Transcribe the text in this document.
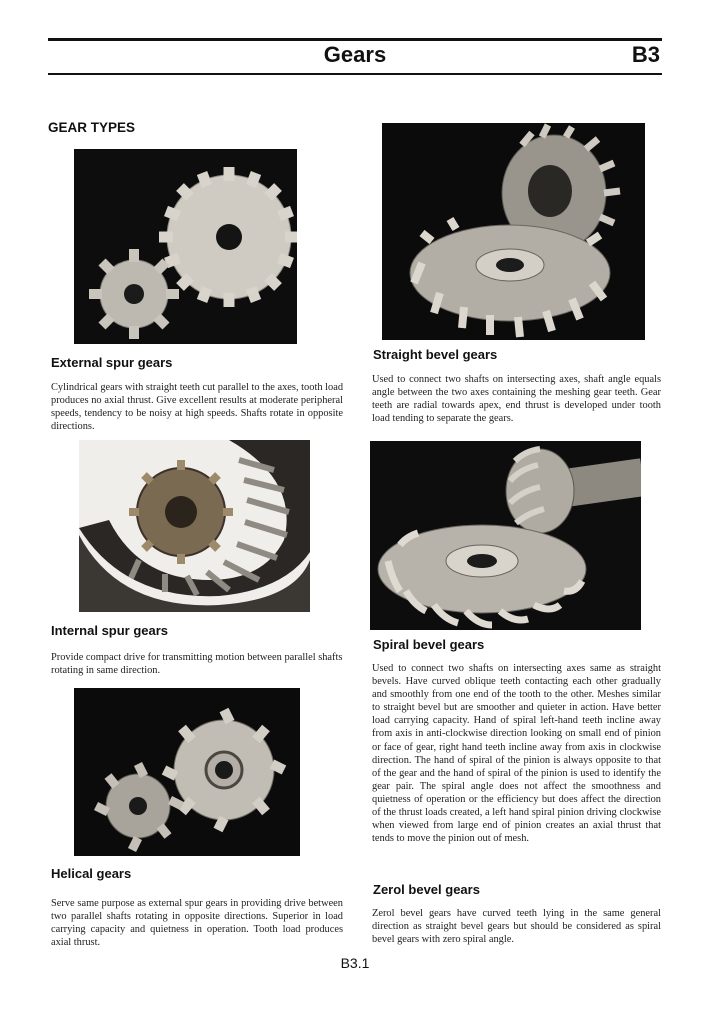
Gears	B3
GEAR TYPES
External spur gears
Cylindrical gears with straight teeth cut parallel to the axes, tooth load produces no axial thrust. Give excellent results at moderate peripheral speeds, tendency to be noisy at high speeds. Shafts rotate in opposite directions.
Internal spur gears
Provide compact drive for transmitting motion between parallel shafts rotating in same direction.
Helical gears
Serve same purpose as external spur gears in providing drive between two parallel shafts rotating in opposite directions. Superior in load carrying capacity and quietness in operation. Tooth load produces axial thrust.
Straight bevel gears
Used to connect two shafts on intersecting axes, shaft angle equals angle between the two axes containing the meshing gear teeth. Gear teeth are radial towards apex, end thrust is developed under tooth load tending to separate the gears.
Spiral bevel gears
Used to connect two shafts on intersecting axes same as straight bevels. Have curved oblique teeth contacting each other gradually and smoothly from one end of the tooth to the other. Meshes similar to straight bevel but are smoother and quieter in action. Have better load carrying capacity. Hand of spiral left-hand teeth incline away from axis in anti-clockwise direction looking on small end of pinion or face of gear, right hand teeth incline away from axis in clockwise direction. The hand of spiral of the pinion is always opposite to that of the gear and the hand of spiral of the pinion is used to identify the gear pair. The spiral angle does not affect the smoothness and quietness of operation or the efficiency but does affect the direction of the thrust loads created, a left hand spiral pinion driving clockwise when viewed from large end of pinion creates an axial thrust that tends to move the pinion out of mesh.
Zerol bevel gears
Zerol bevel gears have curved teeth lying in the same general direction as straight bevel gears but should be considered as spiral bevel gears with zero spiral angle.
B3.1
